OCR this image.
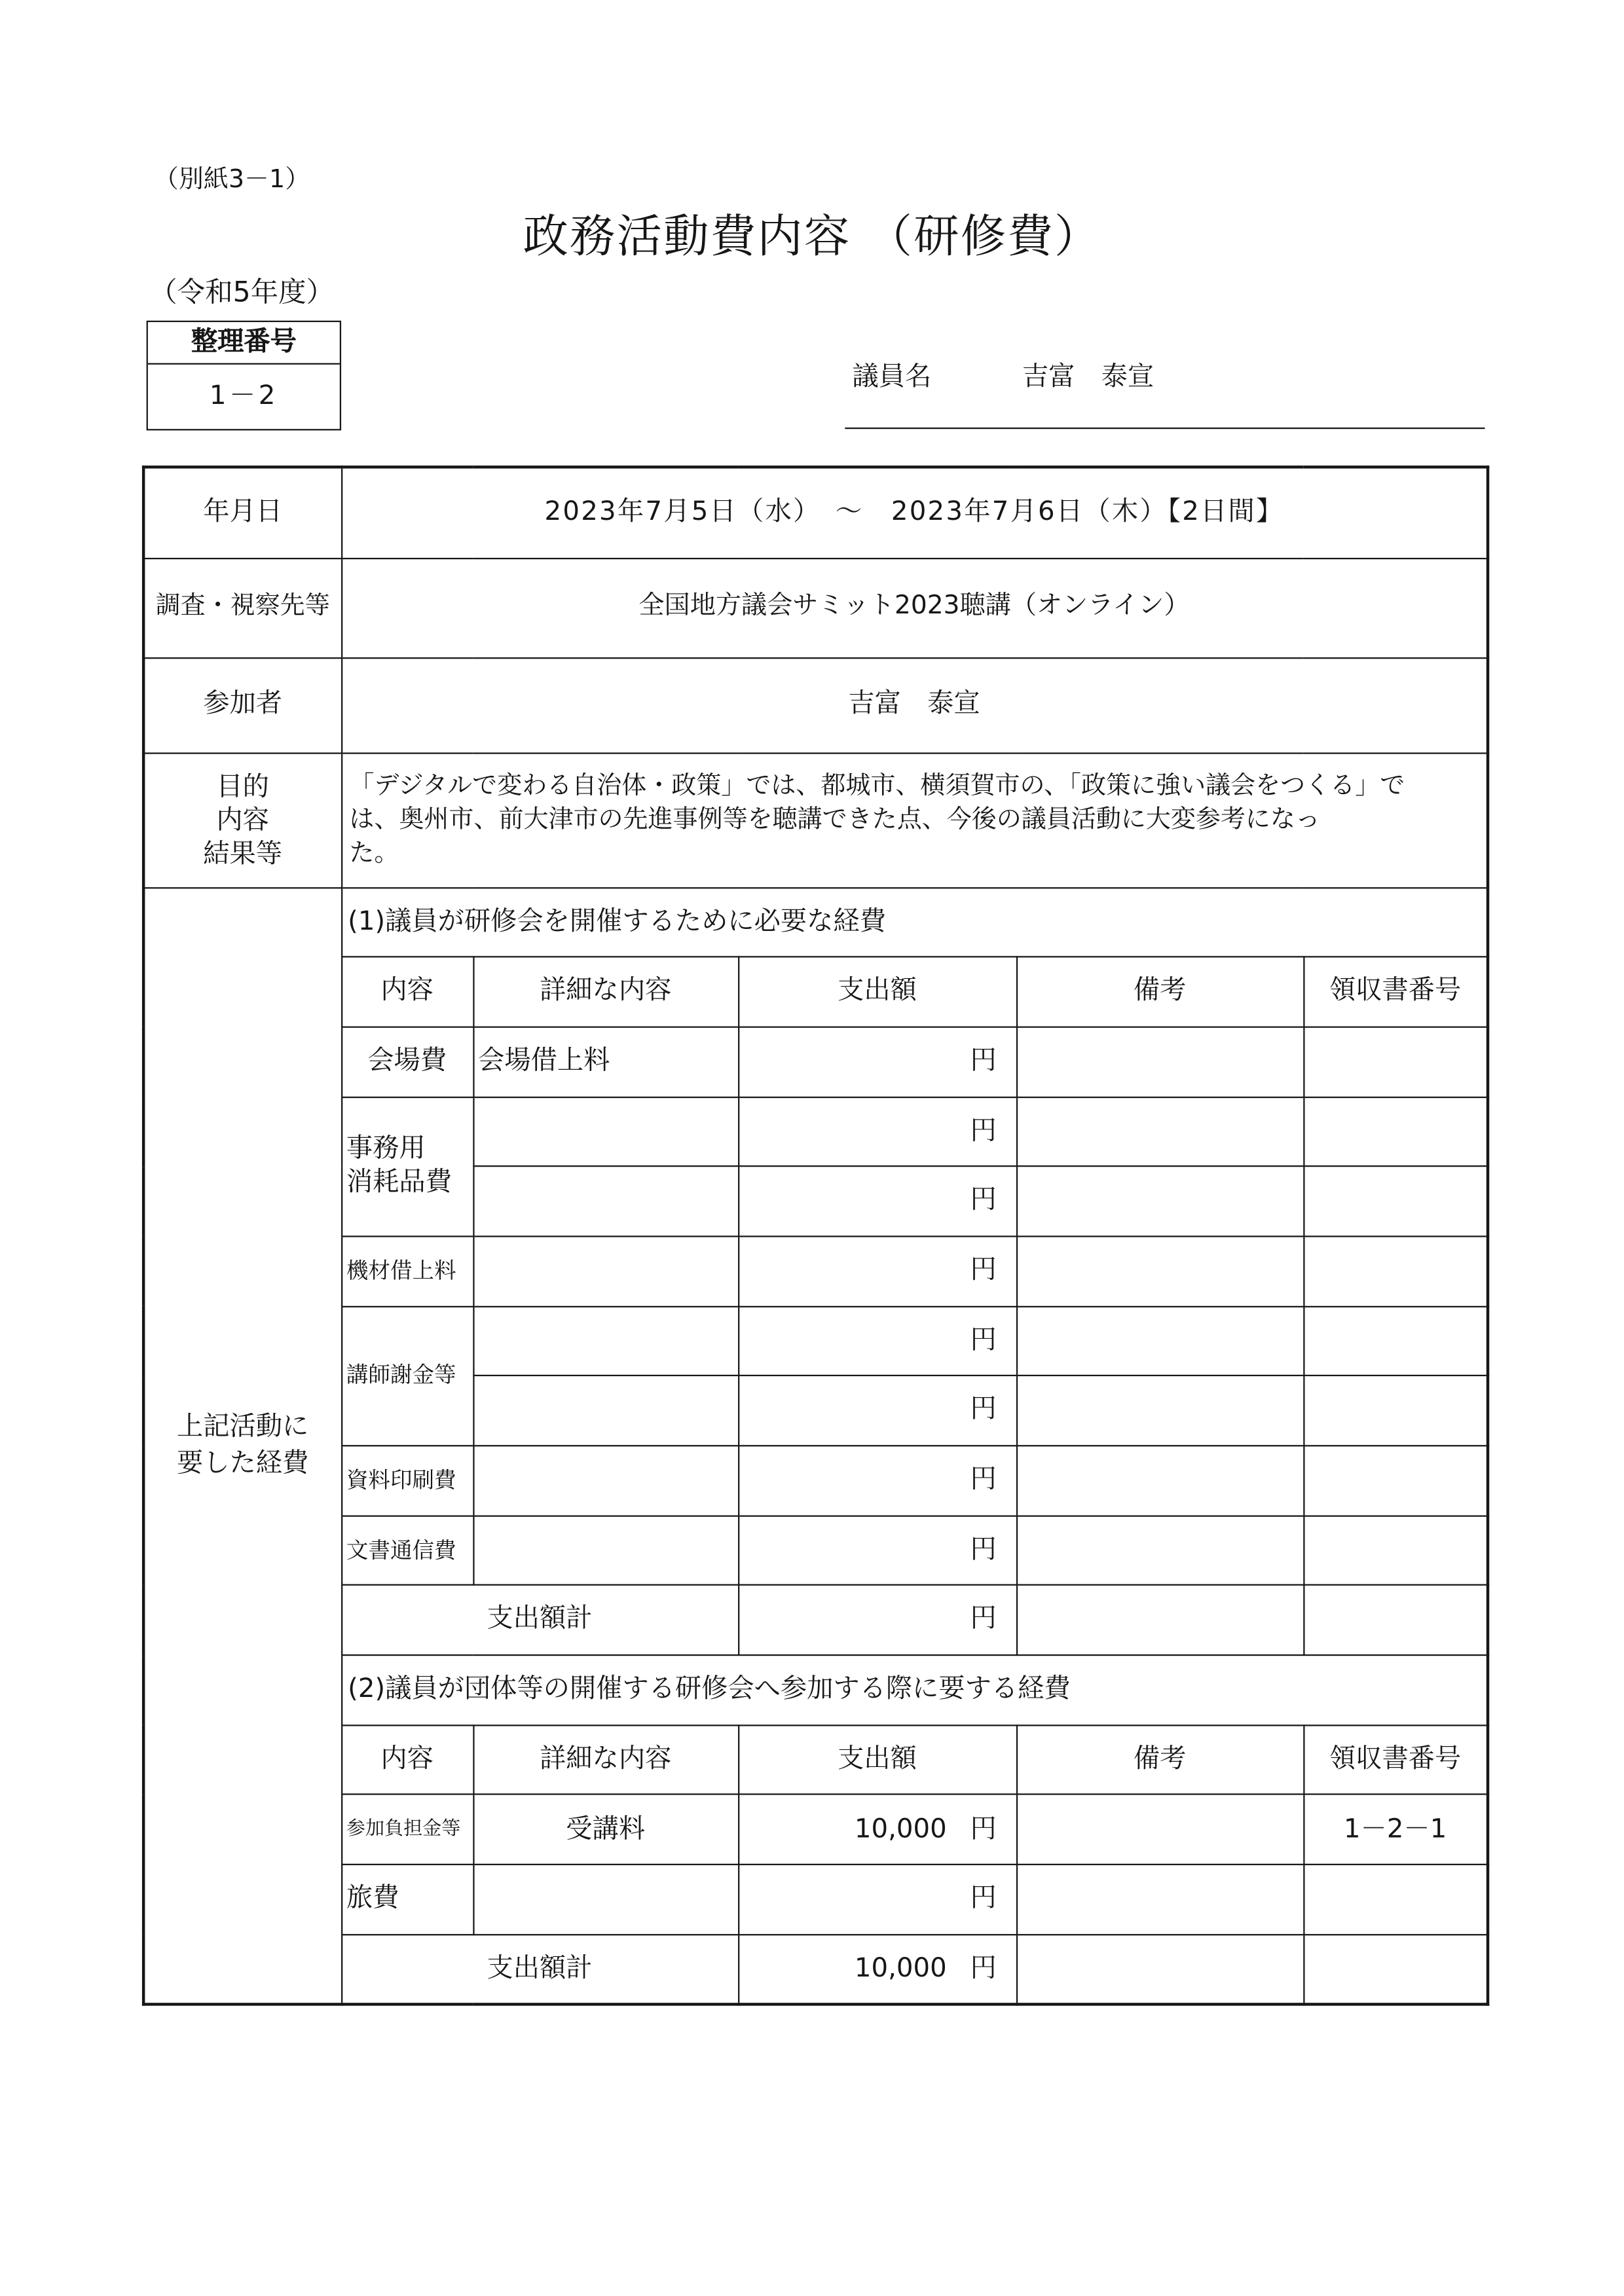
（別紙3－1）
政務活動費内容 （研修費）
（令和5年度）
整理番号
1－2
議員名	吉富　泰宣
年月日	2023年7月5日（水）　～　2023年7月6日（木）【2日間】				
調査・視察先等	全国地方議会サミット2023聴講（オンライン）				
参加者	吉富　泰宣				

目的
内容
結果等	「デジタルで変わる自治体・政策」では、都城市、横須賀市の、「政策に強い議会をつくる」で
は、奥州市、前大津市の先進事例等を聴講できた点、今後の議員活動に大変参考になっ
た。				

上記活動に
要した経費	(1)議員が研修会を開催するために必要な経費				
	内容	詳細な内容	支出額	備考	領収書番号
	会場費	会場借上料	円		

	事務用
消耗品費		円		
			円		
	機材借上料		円		
	講師謝金等		円		
			円		
	資料印刷費		円		
	文書通信費		円		
	支出額計		円		
	(2)議員が団体等の開催する研修会へ参加する際に要する経費				
	内容	詳細な内容	支出額	備考	領収書番号
	参加負担金等	受講料	10,000 円		1－2－1
	旅費		円		
	支出額計		10,000 円		
